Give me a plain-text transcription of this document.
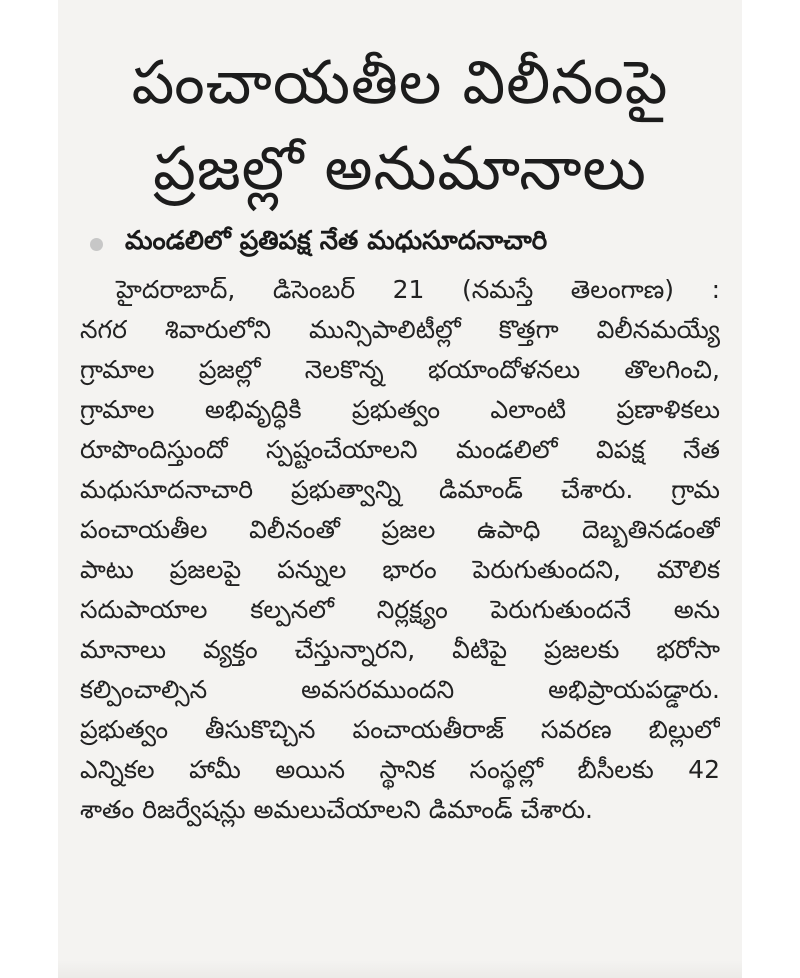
పంచాయతీల విలీనంపై
ప్రజల్లో అనుమానాలు
మండలిలో ప్రతిపక్ష నేత మధుసూదనాచారి
హైదరాబాద్‌, డిసెంబర్‌ 21 (నమస్తే తెలంగాణ) :
నగర శివారులోని మున్సిపాలిటీల్లో కొత్తగా విలీనమయ్యే
గ్రామాల ప్రజల్లో నెలకొన్న భయాందోళనలు తొలగించి,
గ్రామాల అభివృద్ధికి ప్రభుత్వం ఎలాంటి ప్రణాళికలు
రూపొందిస్తుందో స్పష్టంచేయాలని మండలిలో విపక్ష నేత
మధుసూదనాచారి ప్రభుత్వాన్ని డిమాండ్‌ చేశారు. గ్రామ
పంచాయతీల విలీనంతో ప్రజల ఉపాధి దెబ్బతినడంతో
పాటు ప్రజలపై పన్నుల భారం పెరుగుతుందని, మౌలిక
సదుపాయాల కల్పనలో నిర్లక్ష్యం పెరుగుతుందనే అను
మానాలు వ్యక్తం చేస్తున్నారని, వీటిపై ప్రజలకు భరోసా
కల్పించాల్సిన అవసరముందని అభిప్రాయపడ్డారు.
ప్రభుత్వం తీసుకొచ్చిన పంచాయతీరాజ్‌ సవరణ బిల్లులో
ఎన్నికల హామీ అయిన స్థానిక సంస్థల్లో బీసీలకు 42
శాతం రిజర్వేషన్లు అమలుచేయాలని డిమాండ్‌ చేశారు.
